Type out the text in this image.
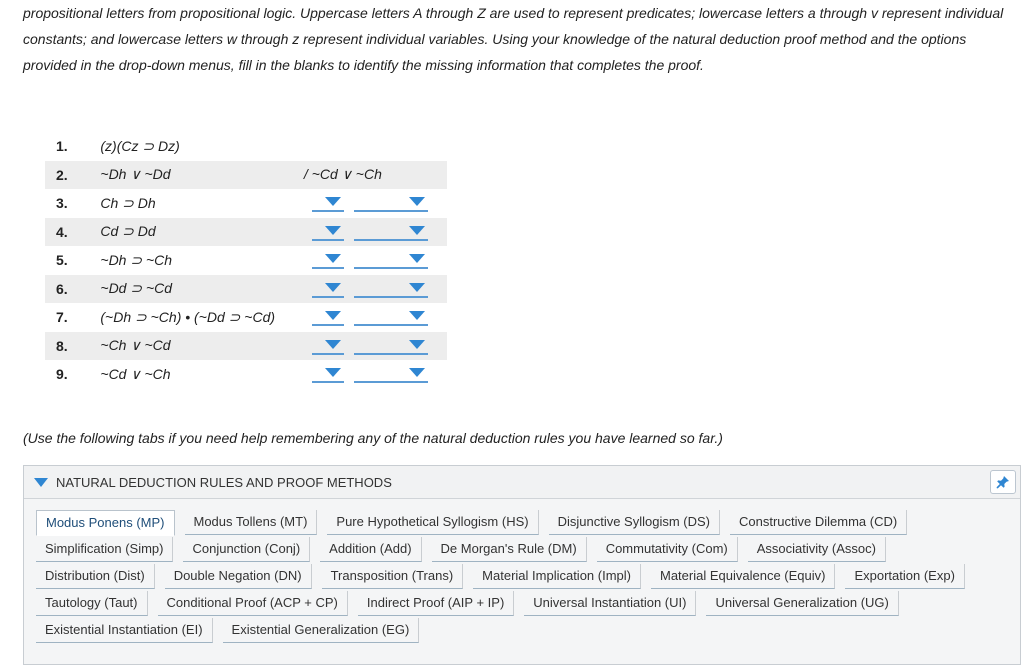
propositional letters from propositional logic. Uppercase letters A through Z are used to represent predicates; lowercase letters a through v represent individual constants; and lowercase letters w through z represent individual variables. Using your knowledge of the natural deduction proof method and the options provided in the drop-down menus, fill in the blanks to identify the missing information that completes the proof.
1.	(z)(Cz ⊃ Dz)	
2.	~Dh ∨ ~Dd	/ ~Cd ∨ ~Ch
3.	Ch ⊃ Dh	

4.	Cd ⊃ Dd	

5.	~Dh ⊃ ~Ch	

6.	~Dd ⊃ ~Cd	

7.	(~Dh ⊃ ~Ch) • (~Dd ⊃ ~Cd)	

8.	~Ch ∨ ~Cd	

9.	~Cd ∨ ~Ch	
(Use the following tabs if you need help remembering any of the natural deduction rules you have learned so far.)
NATURAL DEDUCTION RULES AND PROOF METHODS
Modus Ponens (MP)	Modus Tollens (MT)	Pure Hypothetical Syllogism (HS)	Disjunctive Syllogism (DS)	Constructive Dilemma (CD)
Simplification (Simp)	Conjunction (Conj)	Addition (Add)	De Morgan's Rule (DM)	Commutativity (Com)	Associativity (Assoc)
Distribution (Dist)	Double Negation (DN)	Transposition (Trans)	Material Implication (Impl)	Material Equivalence (Equiv)	Exportation (Exp)
Tautology (Taut)	Conditional Proof (ACP + CP)	Indirect Proof (AIP + IP)	Universal Instantiation (UI)	Universal Generalization (UG)
Existential Instantiation (EI)	Existential Generalization (EG)
